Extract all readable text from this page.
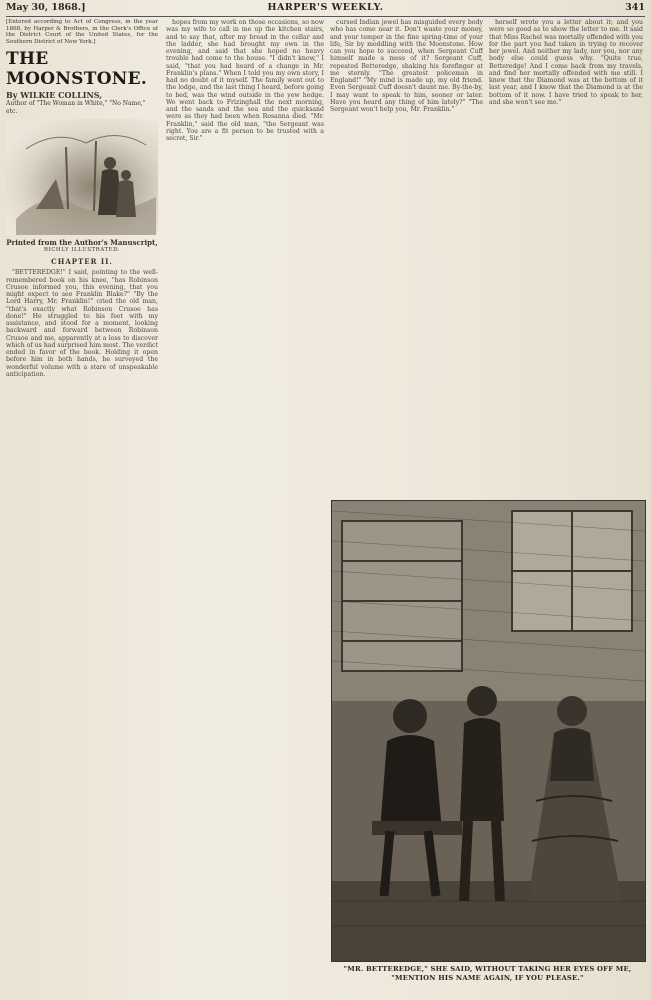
May 30, 1868.]	HARPER'S WEEKLY.	341

[Entered according to Act of Congress, in the year 1868, by Harper & Brothers, in the Clerk's Office of the District Court of the United States, for the Southern District of New York.]

THE MOONSTONE.
By WILKIE COLLINS,
Author of "The Woman in White," "No Name," etc.
Printed from the Author's Manuscript,
RICHLY ILLUSTRATED.
CHAPTER II.

"BETTEREDGE!" I said, pointing to the well-remembered book on his knee, "has Robinson Crusoe informed you, this evening, that you might expect to see Franklin Blake?" "By the Lord Harry, Mr. Franklin!" cried the old man, "that's exactly what Robinson Crusoe has done!" He struggled to his feet with my assistance, and stood for a moment, looking backward and forward between Robinson Crusoe and me, apparently at a loss to discover which of us had surprised him most. The verdict ended in favor of the book. Holding it open before him in both hands, he surveyed the wonderful volume with a stare of unspeakable anticipation.

hopes from my work on those occasions, so now was my wife to call in me up the kitchen stairs, and to say that, after my bread in the cellar and the ladder, she had brought my own in the evening, and said that she hoped no heavy trouble had come to the house. "I didn't know," I said, "that you had heard of a change in Mr. Franklin's plans." When I told you my own story, I had no doubt of it myself. The family went out to the lodge, and the last thing I heard, before going to bed, was the wind outside in the yew hedge. We went back to Frizinghall the next morning, and the sands and the sea and the quicksand were as they had been when Rosanna died. "Mr. Franklin," said the old man, "the Sergeant was right. You are a fit person to be trusted with a secret, Sir."

cursed Indian jewel has misguided every body who has come near it. Don't waste your money, and your temper in the fine spring-time of your life, Sir by meddling with the Moonstone. How can you hope to succeed, when Sergeant Cuff himself made a mess of it? Sergeant Cuff, repeated Betteredge, shaking his forefinger at me sternly. "The greatest policeman in England!" "My mind is made up, my old friend. Even Sergeant Cuff doesn't daunt me. By-the-by, I may want to speak to him, sooner or later. Have you heard any thing of him lately?" "The Sergeant won't help you, Mr. Franklin."

herself wrote you a letter about it; and you were so good as to show the letter to me. It said that Miss Rachel was mortally offended with you for the part you had taken in trying to recover her jewel. And neither my lady, nor you, nor any body else could guess why. "Quite true, Betteredge! And I come back from my travels, and find her mortally offended with me still. I knew that the Diamond was at the bottom of it last year, and I know that the Diamond is at the bottom of it now. I have tried to speak to her, and she won't see me."

"MR. BETTEREDGE," SHE SAID, WITHOUT TAKING HER EYES OFF ME, "MENTION HIS NAME AGAIN, IF YOU PLEASE."
